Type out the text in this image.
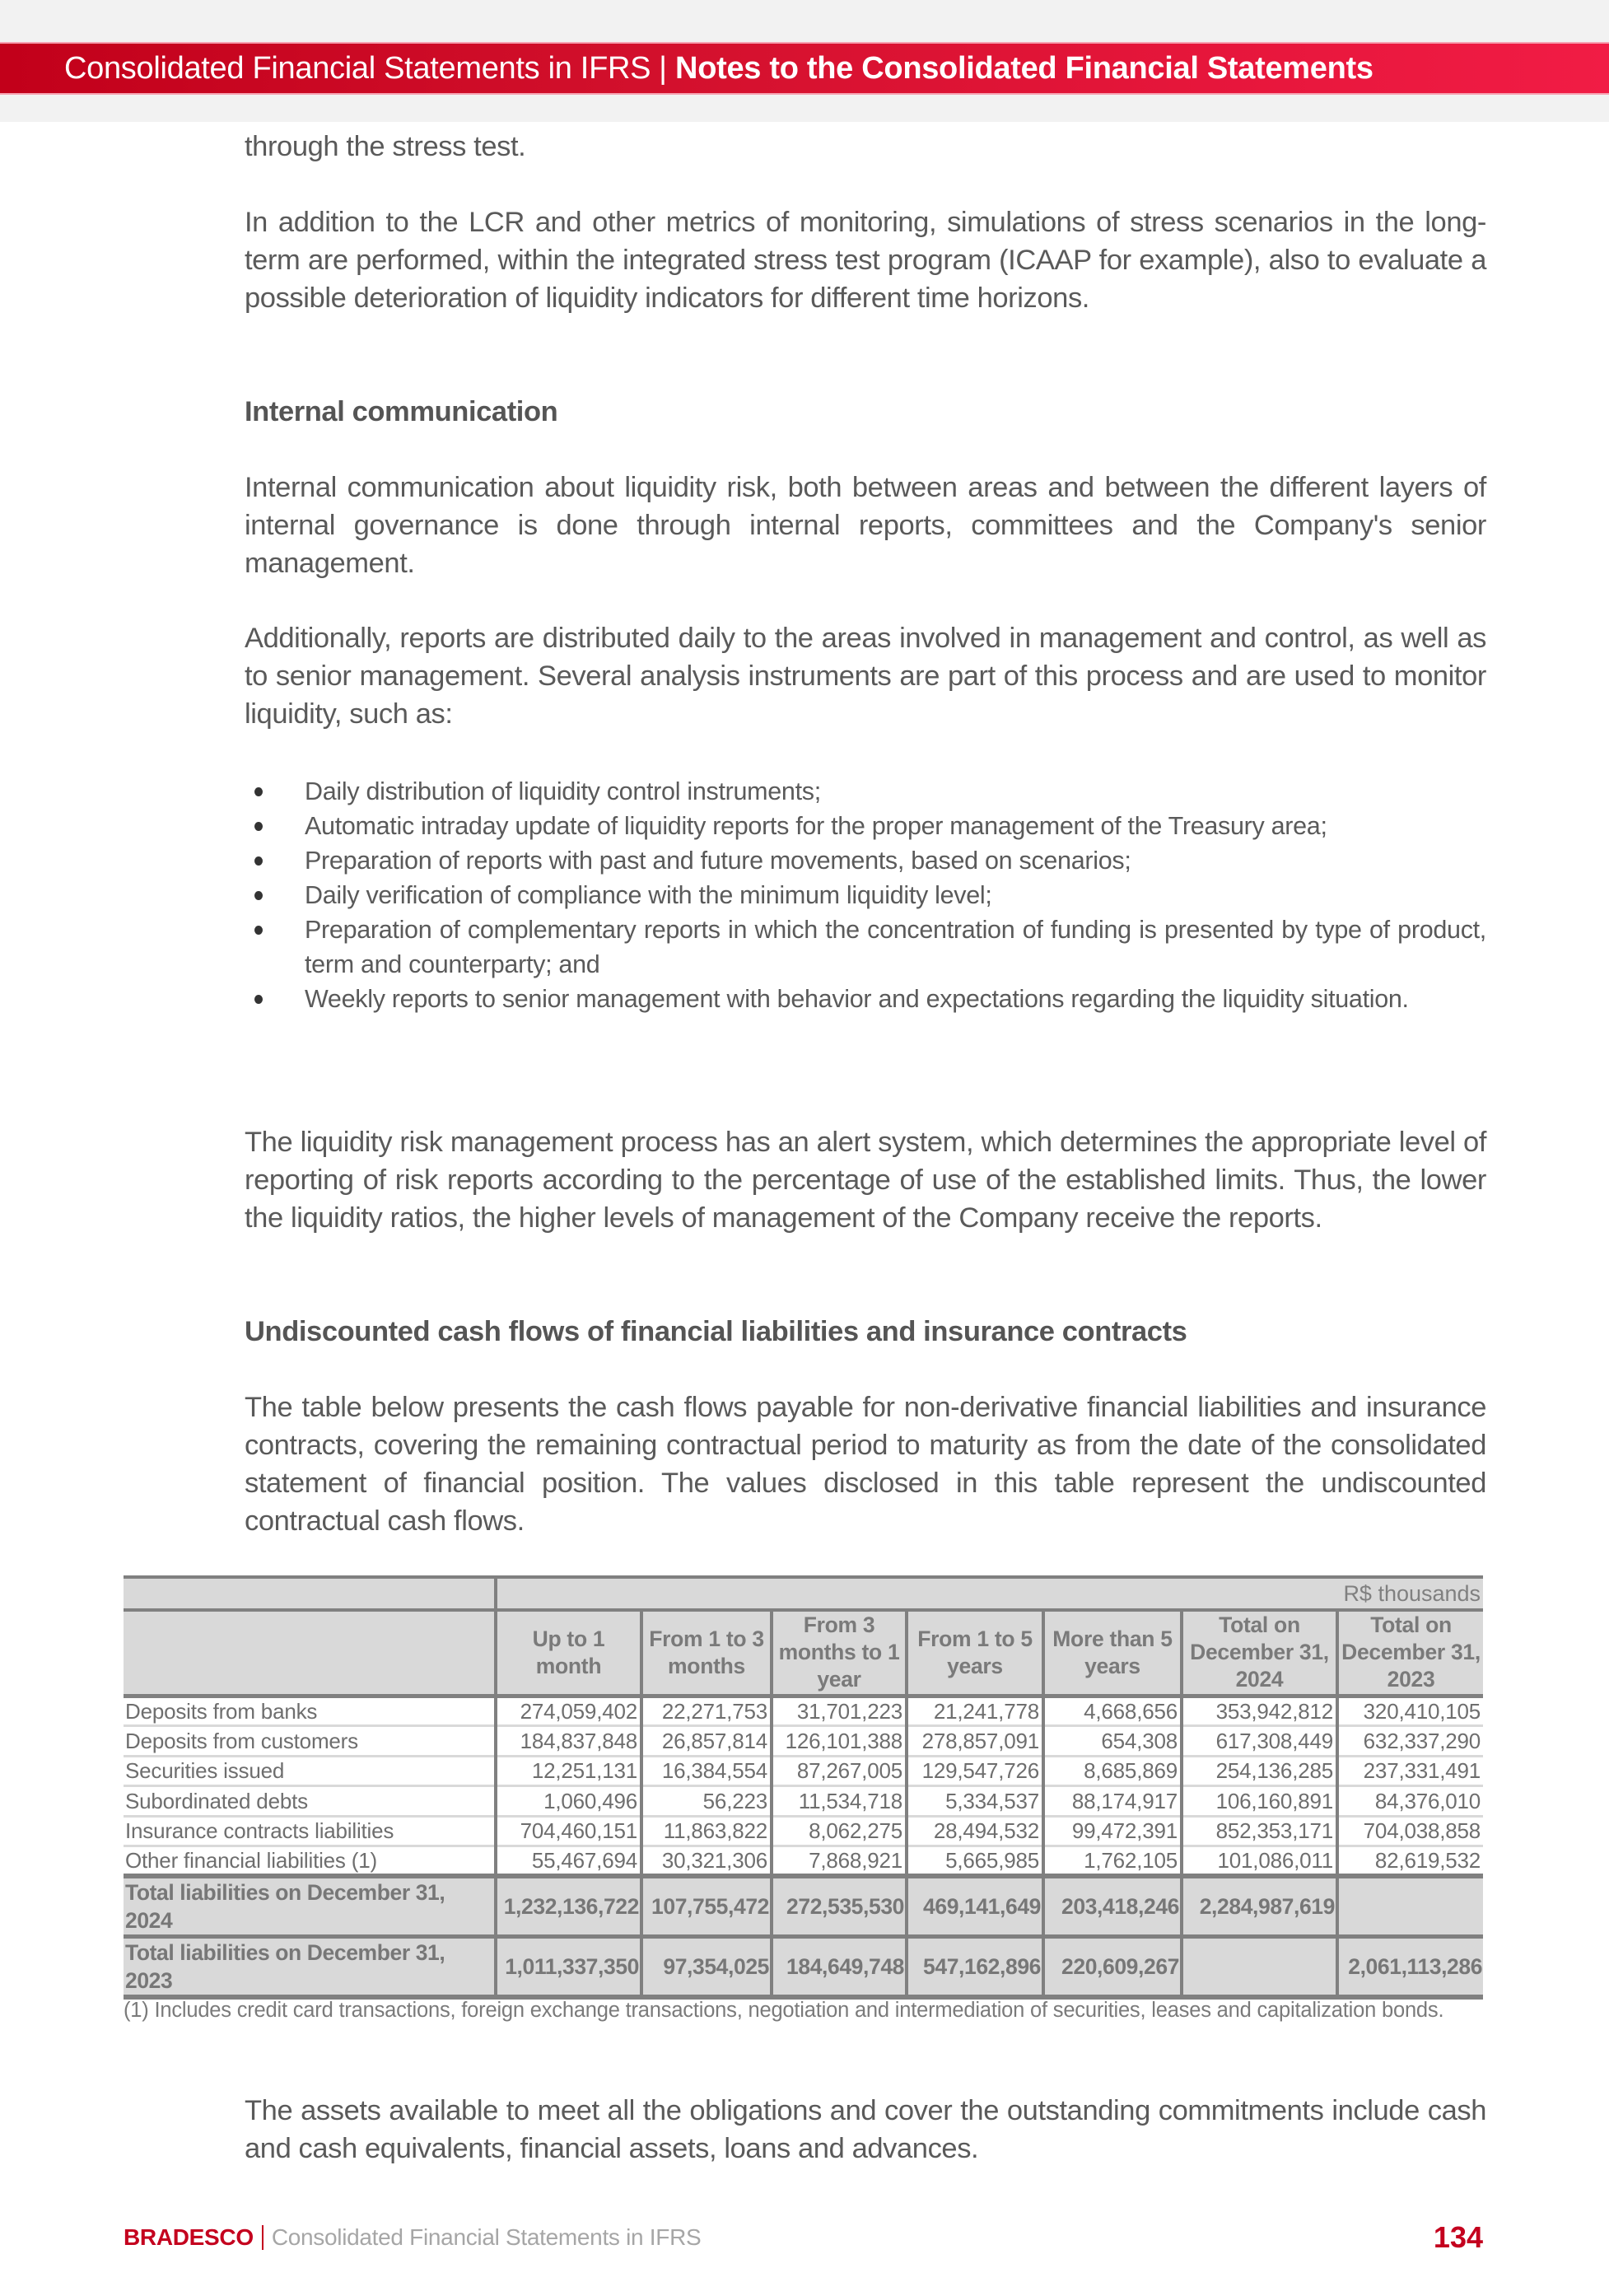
Consolidated Financial Statements in IFRS | Notes to the Consolidated Financial Statements

through the stress test.

In addition to the LCR and other metrics of monitoring, simulations of stress scenarios in the long-term are performed, within the integrated stress test program (ICAAP for example), also to evaluate a possible deterioration of liquidity indicators for different time horizons.

Internal communication

Internal communication about liquidity risk, both between areas and between the different layers of internal governance is done through internal reports, committees and the Company's senior management.

Additionally, reports are distributed daily to the areas involved in management and control, as well as to senior management. Several analysis instruments are part of this process and are used to monitor liquidity, such as:

Daily distribution of liquidity control instruments;
Automatic intraday update of liquidity reports for the proper management of the Treasury area;
Preparation of reports with past and future movements, based on scenarios;
Daily verification of compliance with the minimum liquidity level;
Preparation of complementary reports in which the concentration of funding is presented by type of product, term and counterparty; and
Weekly reports to senior management with behavior and expectations regarding the liquidity situation.

The liquidity risk management process has an alert system, which determines the appropriate level of reporting of risk reports according to the percentage of use of the established limits. Thus, the lower the liquidity ratios, the higher levels of management of the Company receive the reports.

Undiscounted cash flows of financial liabilities and insurance contracts

The table below presents the cash flows payable for non-derivative financial liabilities and insurance contracts, covering the remaining contractual period to maturity as from the date of the consolidated statement of financial position. The values disclosed in this table represent the undiscounted contractual cash flows.

	R$ thousands						
	Up to 1 month	From 1 to 3 months	From 3 months to 1 year	From 1 to 5 years	More than 5 years	Total on December 31, 2024	Total on December 31, 2023
Deposits from banks	274,059,402	22,271,753	31,701,223	21,241,778	4,668,656	353,942,812	320,410,105
Deposits from customers	184,837,848	26,857,814	126,101,388	278,857,091	654,308	617,308,449	632,337,290
Securities issued	12,251,131	16,384,554	87,267,005	129,547,726	8,685,869	254,136,285	237,331,491
Subordinated debts	1,060,496	56,223	11,534,718	5,334,537	88,174,917	106,160,891	84,376,010
Insurance contracts liabilities	704,460,151	11,863,822	8,062,275	28,494,532	99,472,391	852,353,171	704,038,858
Other financial liabilities (1)	55,467,694	30,321,306	7,868,921	5,665,985	1,762,105	101,086,011	82,619,532
Total liabilities on December 31, 2024	1,232,136,722	107,755,472	272,535,530	469,141,649	203,418,246	2,284,987,619	
Total liabilities on December 31, 2023	1,011,337,350	97,354,025	184,649,748	547,162,896	220,609,267		2,061,113,286

(1) Includes credit card transactions, foreign exchange transactions, negotiation and intermediation of securities, leases and capitalization bonds.

The assets available to meet all the obligations and cover the outstanding commitments include cash and cash equivalents, financial assets, loans and advances.

BRADESCO Consolidated Financial Statements in IFRS	134
